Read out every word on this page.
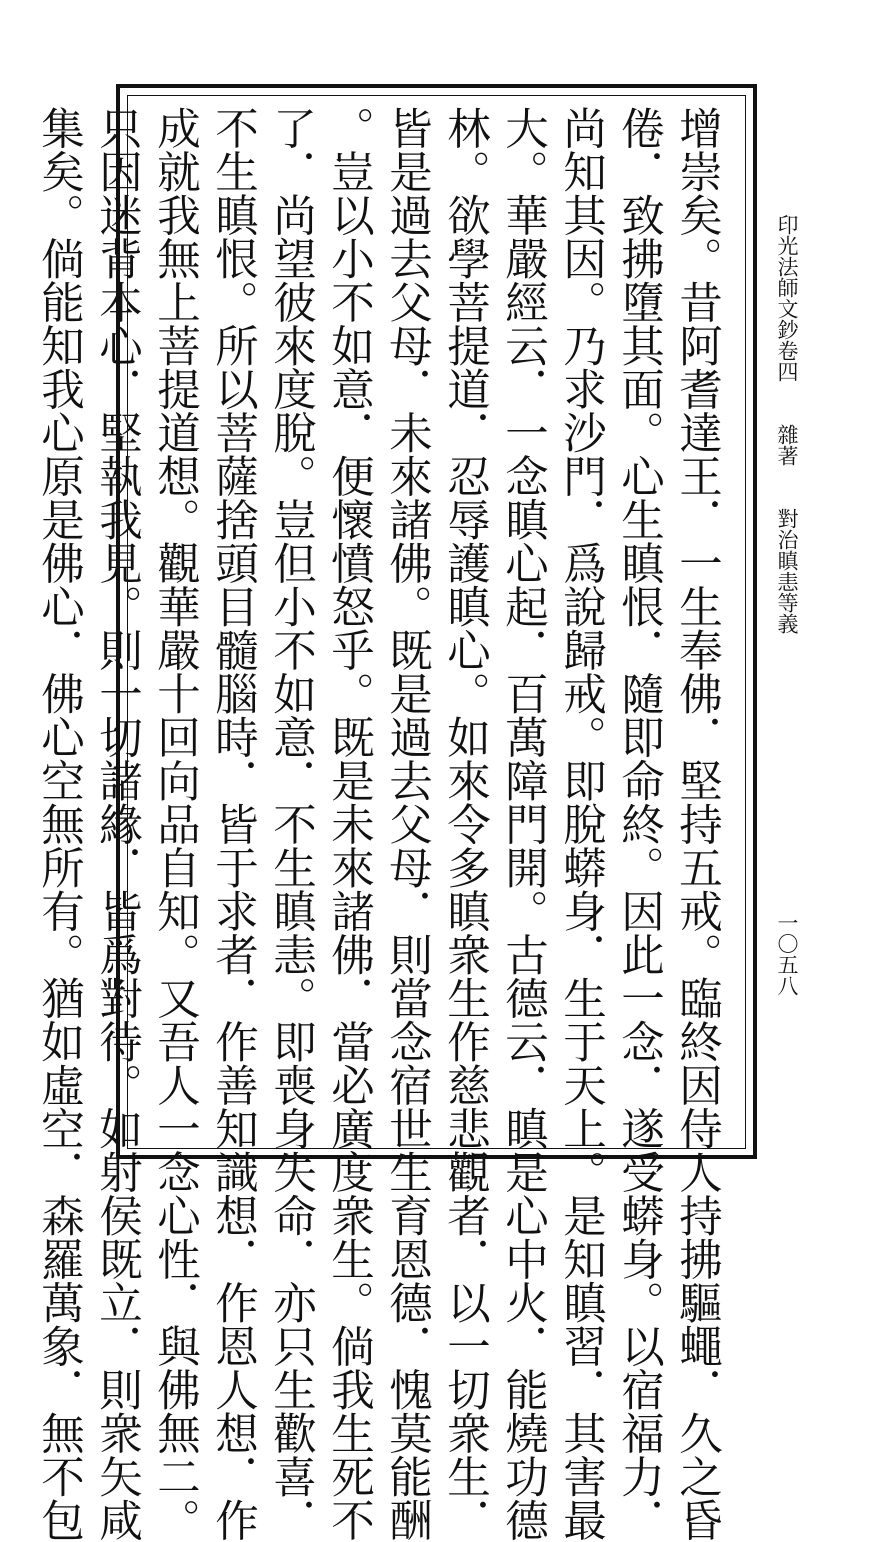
印光法師文鈔卷四　　雜著　　對治瞋恚等義
一〇五八
增崇矣。昔阿耆達王．一生奉佛．堅持五戒。臨終因侍人持拂驅蠅．久之昏
倦．致拂墮其面。心生瞋恨．隨即命終。因此一念．遂受蟒身。以宿福力．
尚知其因。乃求沙門．爲說歸戒。即脫蟒身．生于天上。是知瞋習．其害最
大。華嚴經云．一念瞋心起．百萬障門開。古德云．瞋是心中火．能燒功德
林。欲學菩提道．忍辱護瞋心。如來令多瞋衆生作慈悲觀者．以一切衆生．
皆是過去父母．未來諸佛。既是過去父母．則當念宿世生育恩德．愧莫能酬
。豈以小不如意．便懷憤怒乎。既是未來諸佛．當必廣度衆生。倘我生死不
了．尚望彼來度脫。豈但小不如意．不生瞋恚。即喪身失命．亦只生歡喜．
不生瞋恨。所以菩薩捨頭目髓腦時．皆于求者．作善知識想．作恩人想．作
成就我無上菩提道想。觀華嚴十回向品自知。又吾人一念心性．與佛無二。
只因迷背本心．堅執我見。則一切諸緣．皆爲對待。如射侯既立．則衆矢咸
集矣。倘能知我心原是佛心．佛心空無所有。猶如虛空．森羅萬象．無不包
